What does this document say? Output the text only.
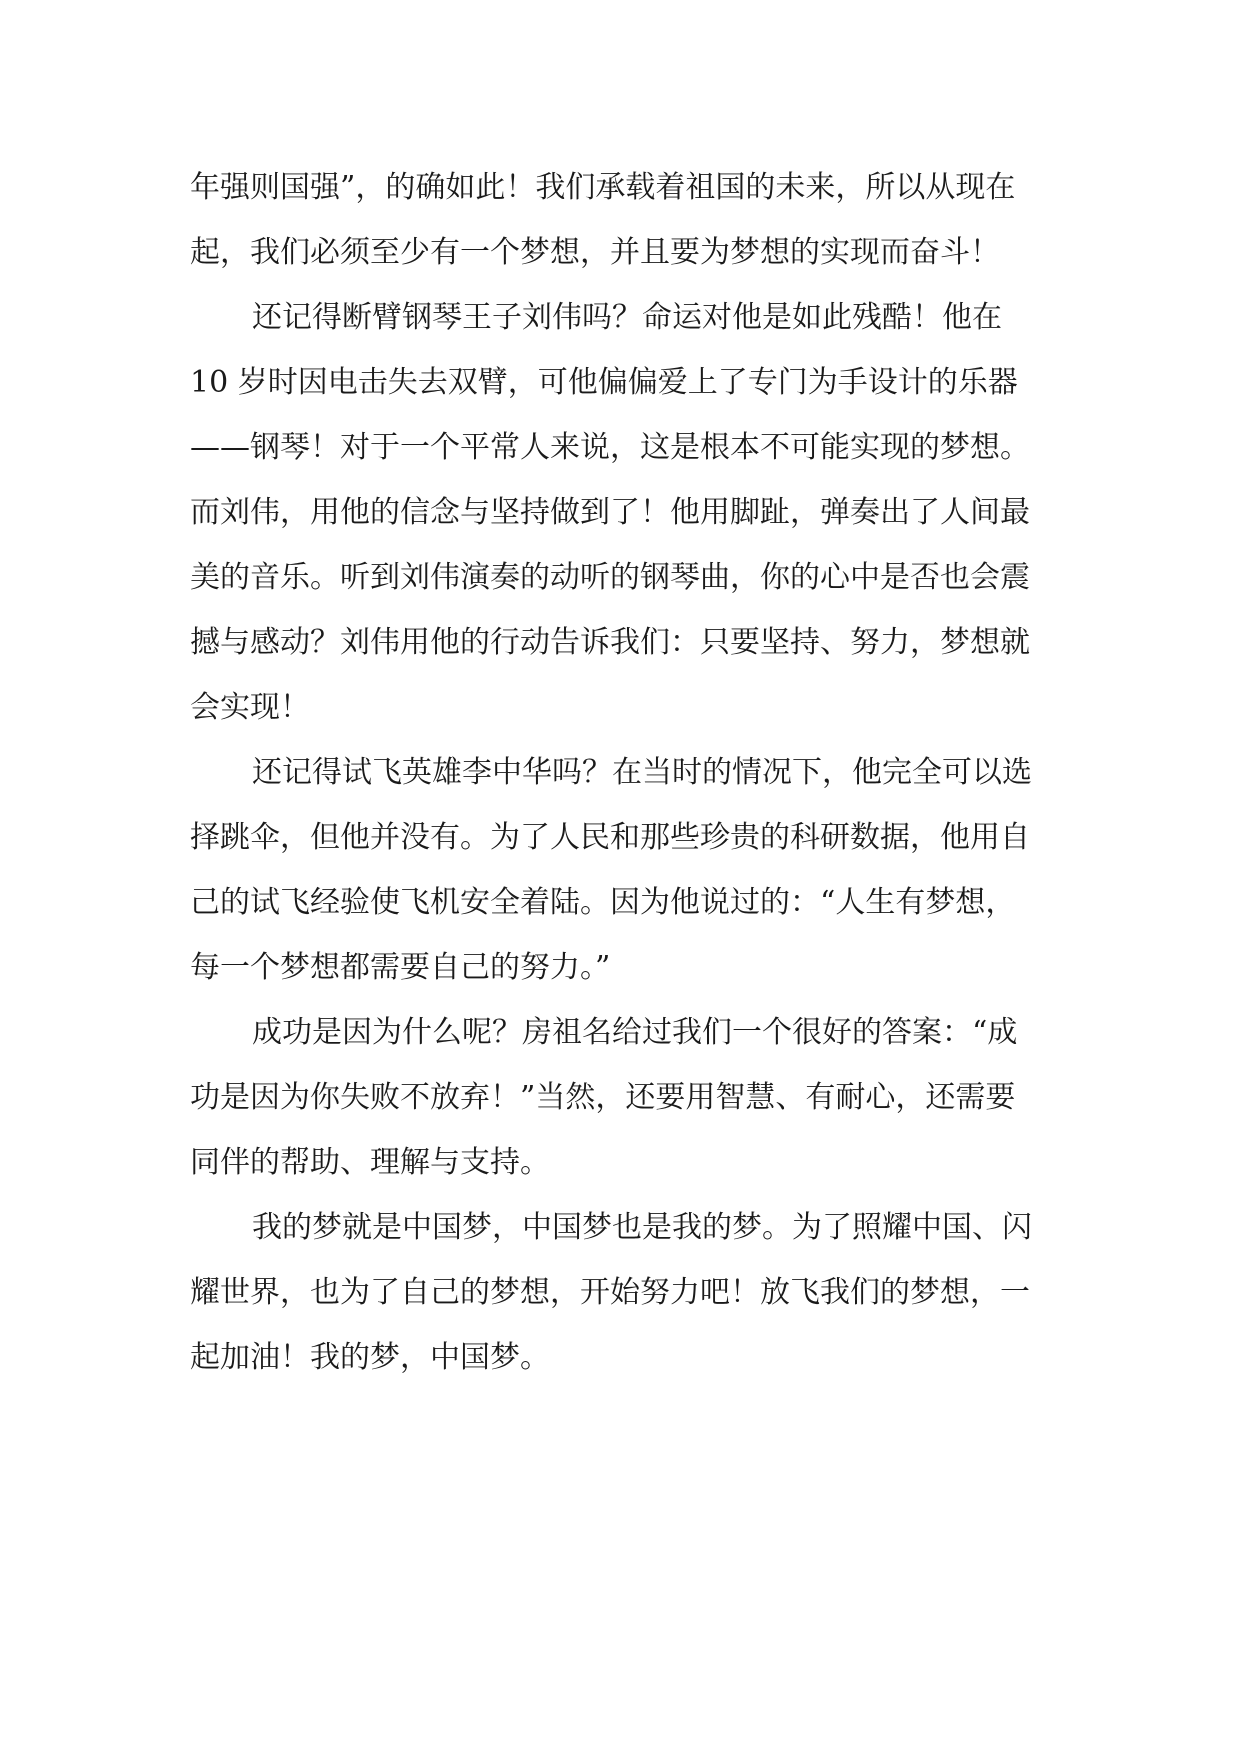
年强则国强”，的确如此！我们承载着祖国的未来，所以从现在
起，我们必须至少有一个梦想，并且要为梦想的实现而奋斗！
还记得断臂钢琴王子刘伟吗？命运对他是如此残酷！他在
10 岁时因电击失去双臂，可他偏偏爱上了专门为手设计的乐器
——钢琴！对于一个平常人来说，这是根本不可能实现的梦想。
而刘伟，用他的信念与坚持做到了！他用脚趾，弹奏出了人间最
美的音乐。听到刘伟演奏的动听的钢琴曲，你的心中是否也会震
撼与感动？刘伟用他的行动告诉我们：只要坚持、努力，梦想就
会实现！
还记得试飞英雄李中华吗？在当时的情况下，他完全可以选
择跳伞，但他并没有。为了人民和那些珍贵的科研数据，他用自
己的试飞经验使飞机安全着陆。因为他说过的：“人生有梦想，
每一个梦想都需要自己的努力。”
成功是因为什么呢？房祖名给过我们一个很好的答案：“成
功是因为你失败不放弃！”当然，还要用智慧、有耐心，还需要
同伴的帮助、理解与支持。
我的梦就是中国梦，中国梦也是我的梦。为了照耀中国、闪
耀世界，也为了自己的梦想，开始努力吧！放飞我们的梦想，一
起加油！我的梦，中国梦。
